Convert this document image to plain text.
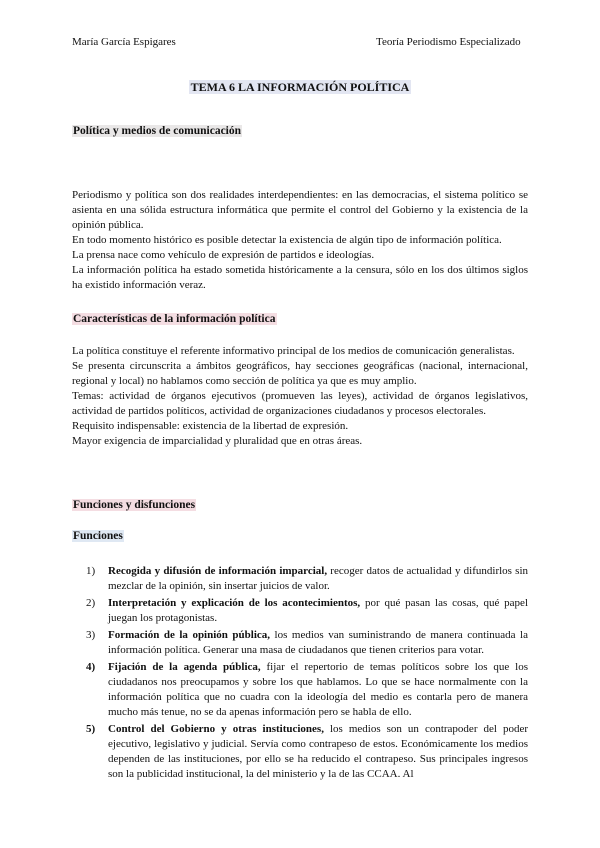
María García Espigares	Teoría Periodismo Especializado
TEMA 6 LA INFORMACIÓN POLÍTICA
Política y medios de comunicación

Periodismo y política son dos realidades interdependientes: en las democracias, el sistema político se asienta en una sólida estructura informática que permite el control del Gobierno y la existencia de la opinión pública.

En todo momento histórico es posible detectar la existencia de algún tipo de información política.

La prensa nace como vehículo de expresión de partidos e ideologías.

La información política ha estado sometida históricamente a la censura, sólo en los dos últimos siglos ha existido información veraz.

Características de la información política

La política constituye el referente informativo principal de los medios de comunicación generalistas.

Se presenta circunscrita a ámbitos geográficos, hay secciones geográficas (nacional, internacional, regional y local) no hablamos como sección de política ya que es muy amplio.

Temas: actividad de órganos ejecutivos (promueven las leyes), actividad de órganos legislativos, actividad de partidos políticos, actividad de organizaciones ciudadanos y procesos electorales.

Requisito indispensable: existencia de la libertad de expresión.

Mayor exigencia de imparcialidad y pluralidad que en otras áreas.

Funciones y disfunciones
Funciones
1) Recogida y difusión de información imparcial, recoger datos de actualidad y difundirlos sin mezclar de la opinión, sin insertar juicios de valor.
2) Interpretación y explicación de los acontecimientos, por qué pasan las cosas, qué papel juegan los protagonistas.
3) Formación de la opinión pública, los medios van suministrando de manera continuada la información política. Generar una masa de ciudadanos que tienen criterios para votar.
4) Fijación de la agenda pública, fijar el repertorio de temas políticos sobre los que los ciudadanos nos preocupamos y sobre los que hablamos. Lo que se hace normalmente con la información política que no cuadra con la ideología del medio es contarla pero de manera mucho más tenue, no se da apenas información pero se habla de ello.
5) Control del Gobierno y otras instituciones, los medios son un contrapoder del poder ejecutivo, legislativo y judicial. Servía como contrapeso de estos. Económicamente los medios dependen de las instituciones, por ello se ha reducido el contrapeso. Sus principales ingresos son la publicidad institucional, la del ministerio y la de las CCAA. Al
